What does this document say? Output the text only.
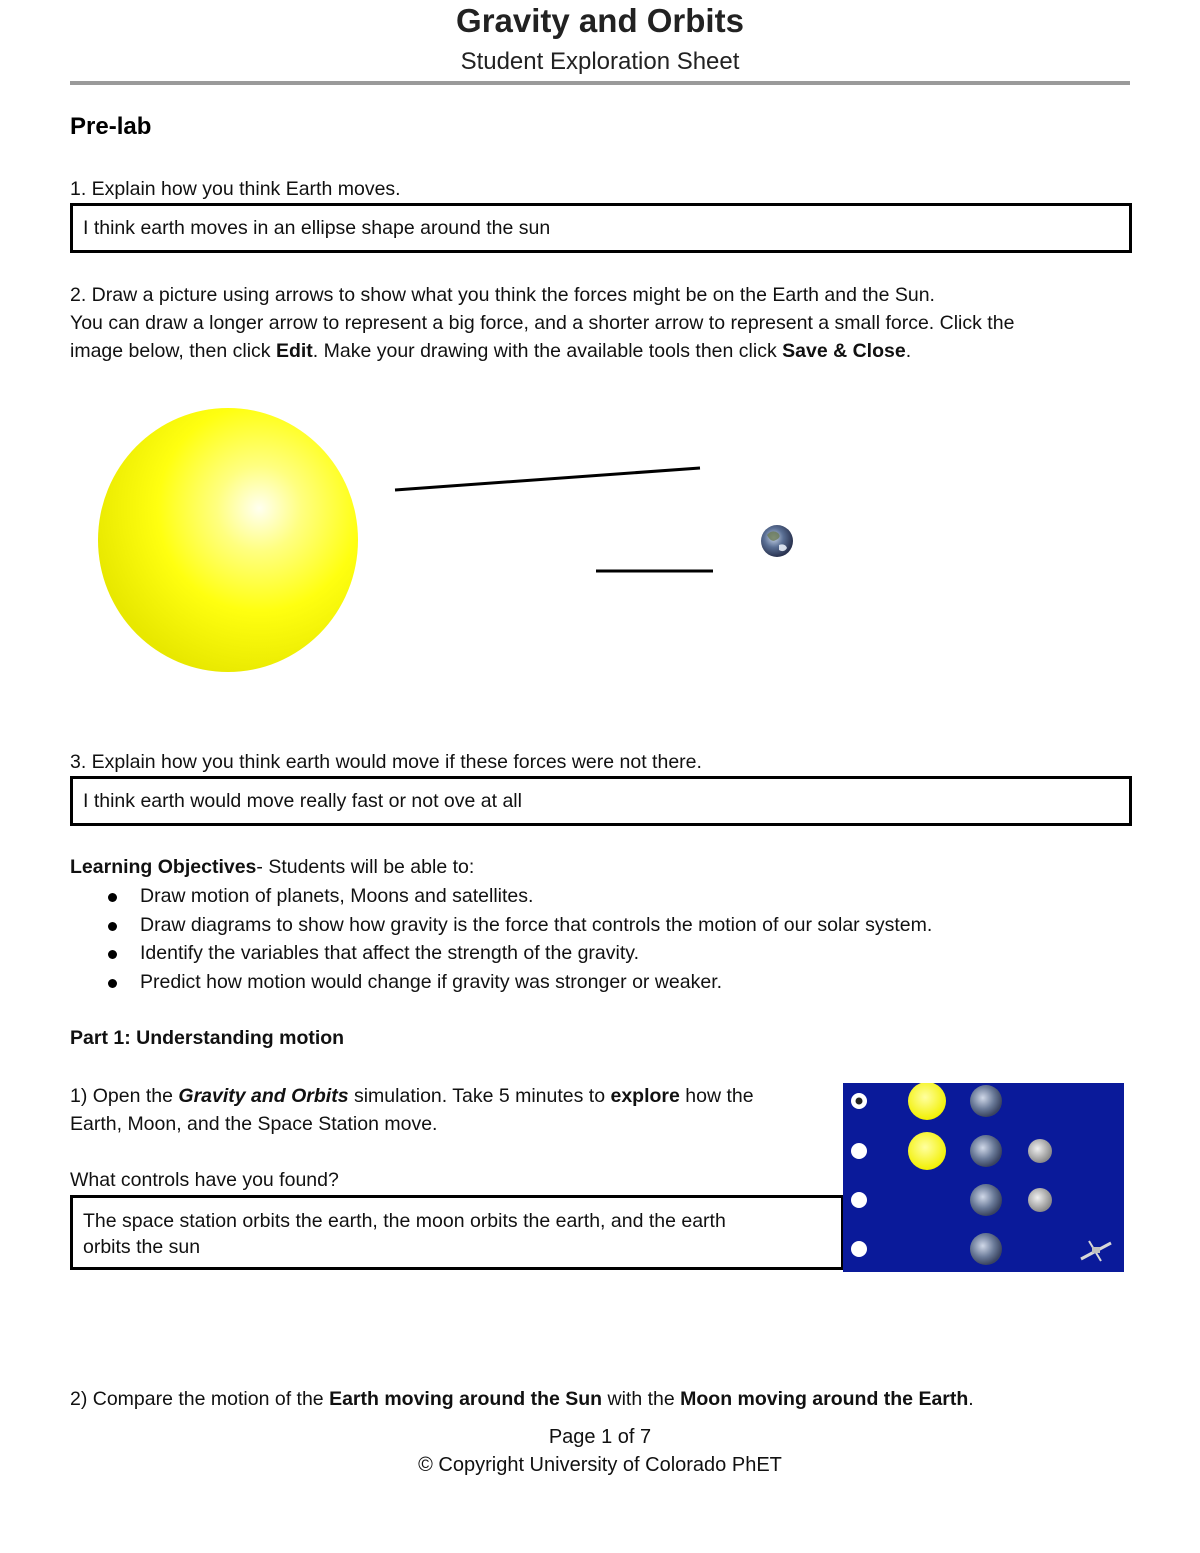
Gravity and Orbits
Student Exploration Sheet
Pre-lab
1. Explain how you think Earth moves.
I think earth moves in an ellipse shape around the sun
2. Draw a picture using arrows to show what you think the forces might be on the Earth and the Sun.
You can draw a longer arrow to represent a big force, and a shorter arrow to represent a small force. Click the
image below, then click Edit. Make your drawing with the available tools then click Save & Close.
3. Explain how you think earth would move if these forces were not there.
I think earth would move really fast or not ove at all
Learning Objectives- Students will be able to:
Draw motion of planets, Moons and satellites.
Draw diagrams to show how gravity is the force that controls the motion of our solar system.
Identify the variables that affect the strength of the gravity.
Predict how motion would change if gravity was stronger or weaker.
Part 1: Understanding motion
1) Open the Gravity and Orbits simulation. Take 5 minutes to explore how the
Earth, Moon, and the Space Station move.
What controls have you found?
The space station orbits the earth, the moon orbits the earth, and the earth
orbits the sun
2) Compare the motion of the Earth moving around the Sun with the Moon moving around the Earth.
Page 1 of 7
© Copyright University of Colorado PhET
